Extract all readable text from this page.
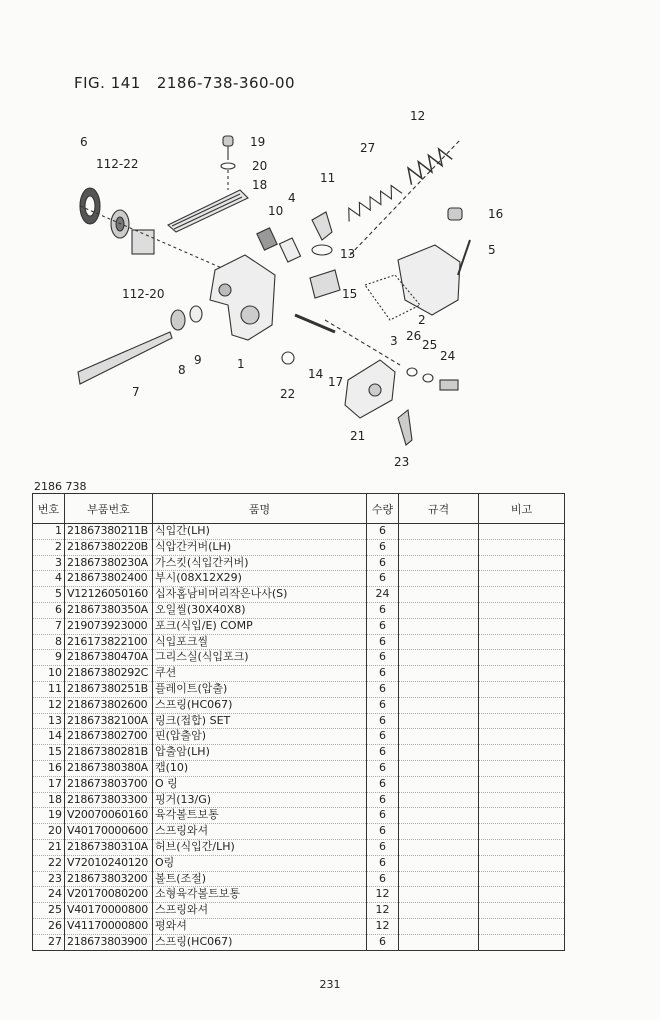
FIG. 141 2186-738-360-00
6
112-22
19
20
18
12
27
11
10
4
16
5
13
15
2
3 26
25
24
112-20
7
8
9	1
22
14
17
21
23
2186 738
번호	부품번호	품명	수량	규격	비고
1	21867380211B	식입간(LH)	6		
2	21867380220B	식압간커버(LH)	6		
3	21867380230A	가스킷(식입간커버)	6		
4	218673802400	부시(08X12X29)	6		
5	V12126050160	십자홈남비머리작은나사(S)	24		
6	21867380350A	오일씰(30X40X8)	6		
7	219073923000	포크(식입/E) COMP	6		
8	216173822100	식입포크씰	6		
9	21867380470A	그리스실(식입포크)	6		
10	21867380292C	쿠션	6		
11	21867380251B	플레이트(압출)	6		
12	218673802600	스프링(HC067)	6		
13	21867382100A	링크(접합) SET	6		
14	218673802700	핀(압출암)	6		
15	21867380281B	압출암(LH)	6		
16	21867380380A	캡(10)	6		
17	218673803700	O 링	6		
18	218673803300	핑거(13/G)	6		
19	V20070060160	육각볼트보통	6		
20	V40170000600	스프링와셔	6		
21	21867380310A	허브(식입간/LH)	6		
22	V72010240120	O링	6		
23	218673803200	볼트(조절)	6		
24	V20170080200	소형육각볼트보통	12		
25	V40170000800	스프링와셔	12		
26	V41170000800	평와셔	12		
27	218673803900	스프링(HC067)	6		
231
